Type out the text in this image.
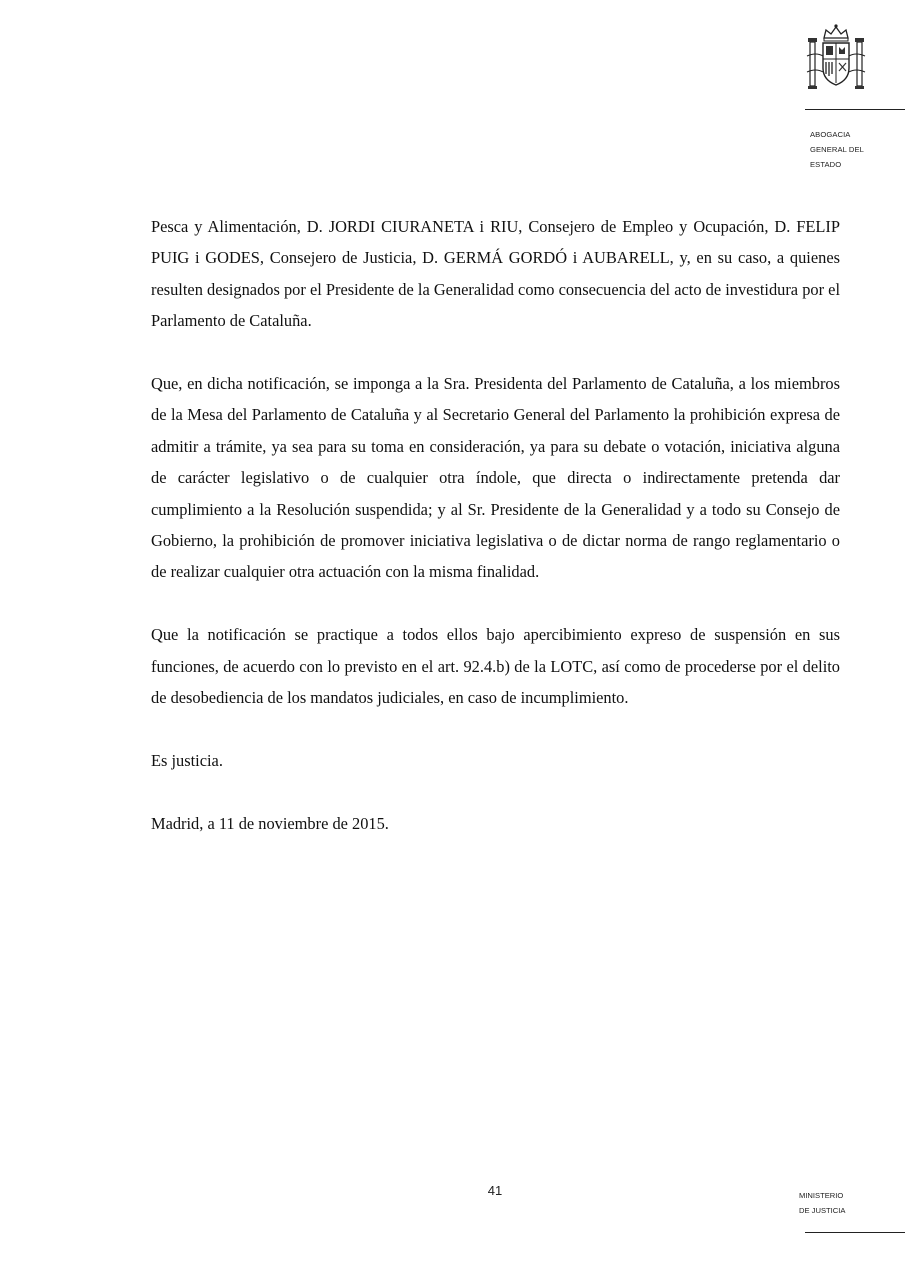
ABOGACIA
GENERAL DEL
ESTADO

Pesca y Alimentación, D. JORDI CIURANETA i RIU, Consejero de Empleo y Ocupación, D. FELIP PUIG i GODES, Consejero de Justicia, D. GERMÁ GORDÓ i AUBARELL, y, en su caso, a quienes resulten designados por el Presidente de la Generalidad como consecuencia del acto de investidura por el Parlamento de Cataluña.

Que, en dicha notificación, se imponga a la Sra. Presidenta del Parlamento de Cataluña, a los miembros de la Mesa del Parlamento de Cataluña y al Secretario General del Parlamento la prohibición expresa de admitir a trámite, ya sea para su toma en consideración, ya para su debate o votación, iniciativa alguna de carácter legislativo o de cualquier otra índole, que directa o indirectamente pretenda dar cumplimiento a la Resolución suspendida; y al Sr. Presidente de la Generalidad y a todo su Consejo de Gobierno, la prohibición de promover iniciativa legislativa o de dictar norma de rango reglamentario o de realizar cualquier otra actuación con la misma finalidad.

Que la notificación se practique a todos ellos bajo apercibimiento expreso de suspensión en sus funciones, de acuerdo con lo previsto en el art. 92.4.b) de la LOTC, así como de procederse por el delito de desobediencia de los mandatos judiciales, en caso de incumplimiento.

Es justicia.

Madrid, a 11 de noviembre de 2015.

41	MINISTERIO
DE JUSTICIA
